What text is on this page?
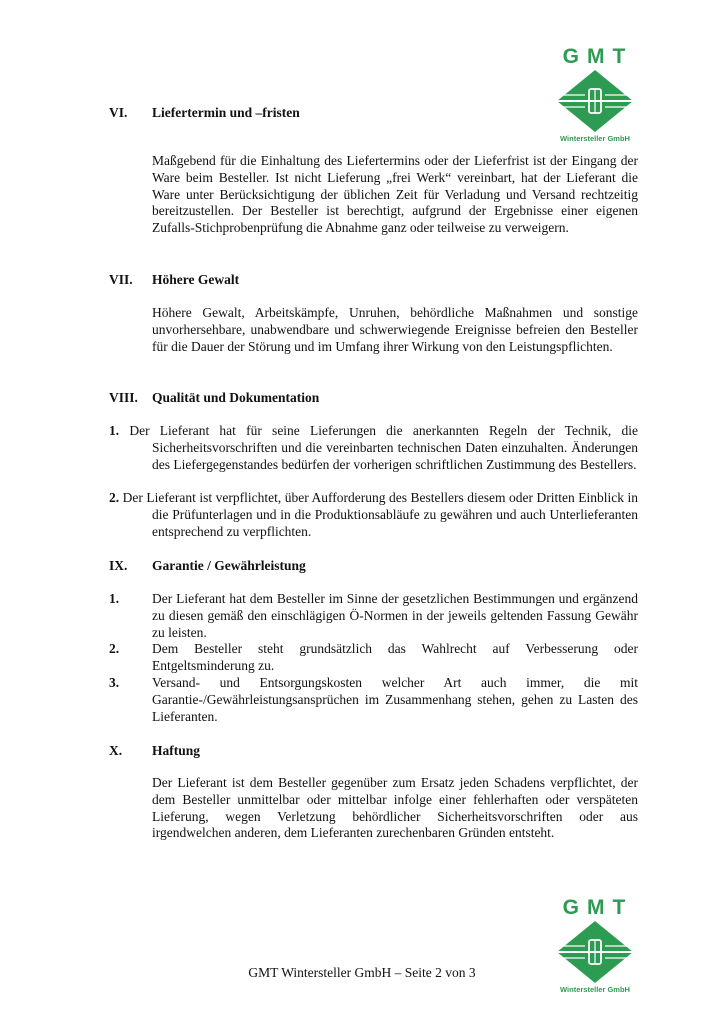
GMT
Wintersteller GmbH
VI. Liefertermin und –fristen
Maßgebend für die Einhaltung des Liefertermins oder der Lieferfrist ist der Eingang der Ware beim Besteller. Ist nicht Lieferung „frei Werk“ vereinbart, hat der Lieferant die Ware unter Berücksichtigung der üblichen Zeit für Verladung und Versand rechtzeitig bereitzustellen. Der Besteller ist berechtigt, aufgrund der Ergebnisse einer eigenen Zufalls-Stichprobenprüfung die Abnahme ganz oder teilweise zu verweigern.
VII. Höhere Gewalt
Höhere Gewalt, Arbeitskämpfe, Unruhen, behördliche Maßnahmen und sonstige unvorhersehbare, unabwendbare und schwerwiegende Ereignisse befreien den Besteller für die Dauer der Störung und im Umfang ihrer Wirkung von den Leistungspflichten.
VIII. Qualität und Dokumentation
1. Der Lieferant hat für seine Lieferungen die anerkannten Regeln der Technik, die Sicherheitsvorschriften und die vereinbarten technischen Daten einzuhalten. Änderungen des Liefergegenstandes bedürfen der vorherigen schriftlichen Zustimmung des Bestellers.
2. Der Lieferant ist verpflichtet, über Aufforderung des Bestellers diesem oder Dritten Einblick in die Prüfunterlagen und in die Produktionsabläufe zu gewähren und auch Unterlieferanten entsprechend zu verpflichten.
IX. Garantie / Gewährleistung
1. Der Lieferant hat dem Besteller im Sinne der gesetzlichen Bestimmungen und ergänzend zu diesen gemäß den einschlägigen Ö-Normen in der jeweils geltenden Fassung Gewähr zu leisten.
2. Dem Besteller steht grundsätzlich das Wahlrecht auf Verbesserung oder Entgeltsminderung zu.
3. Versand- und Entsorgungskosten welcher Art auch immer, die mit Garantie-/Gewährleistungsansprüchen im Zusammenhang stehen, gehen zu Lasten des Lieferanten.
X. Haftung
Der Lieferant ist dem Besteller gegenüber zum Ersatz jeden Schadens verpflichtet, der dem Besteller unmittelbar oder mittelbar infolge einer fehlerhaften oder verspäteten Lieferung, wegen Verletzung behördlicher Sicherheitsvorschriften oder aus irgendwelchen anderen, dem Lieferanten zurechenbaren Gründen entsteht.
GMT
Wintersteller GmbH
GMT Wintersteller GmbH – Seite 2 von 3
